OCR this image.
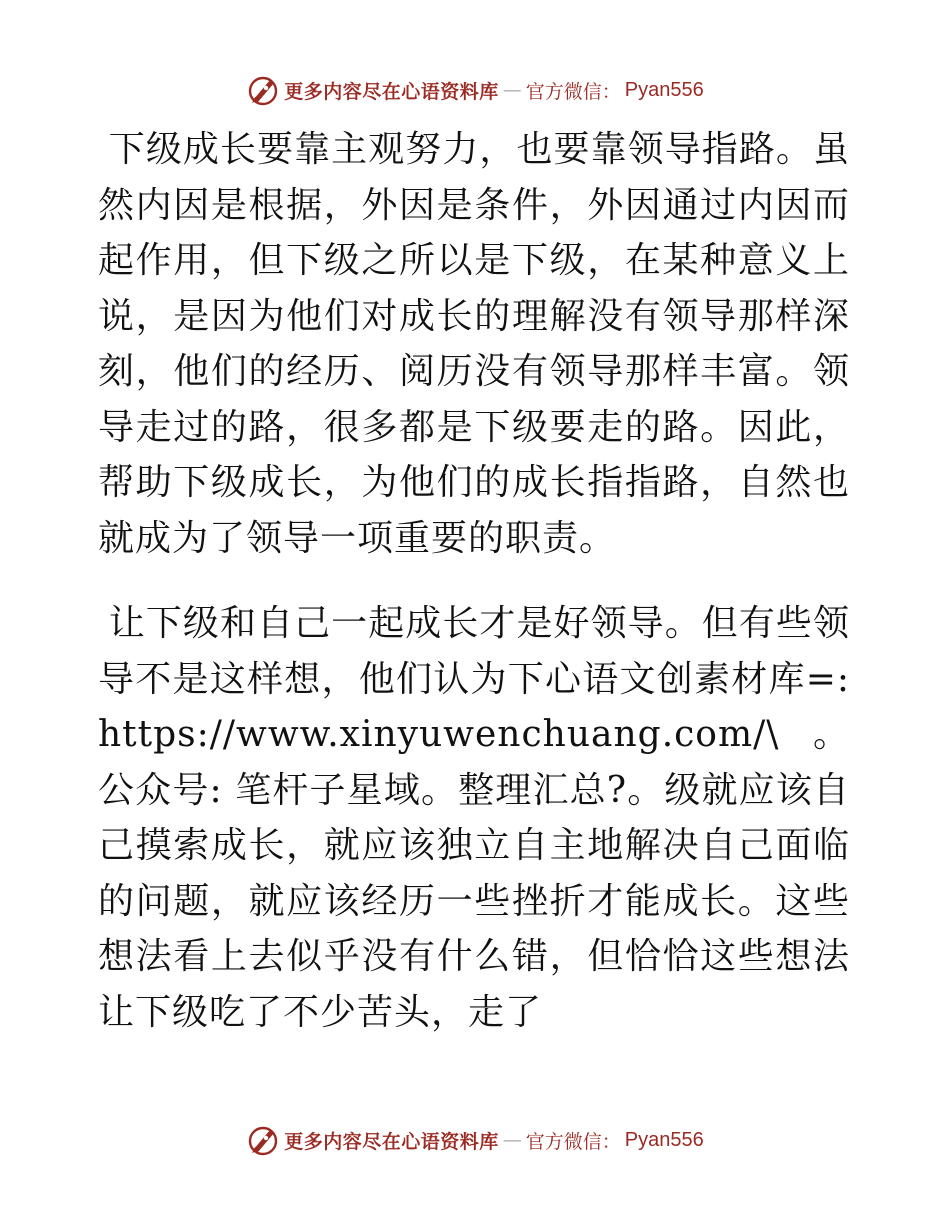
更多内容尽在心语资料库 — 官方微信： Pyan556

下级成长要靠主观努力，也要靠领导指路。虽然内因是根据，外因是条件，外因通过内因而起作用，但下级之所以是下级，在某种意义上说，是因为他们对成长的理解没有领导那样深刻，他们的经历、阅历没有领导那样丰富。领导走过的路，很多都是下级要走的路。因此，帮助下级成长，为他们的成长指指路，自然也就成为了领导一项重要的职责。

让下级和自己一起成长才是好领导。但有些领导不是这样想，他们认为下心语文创素材库=: https://www.xinyuwenchuang.com/\。公众号: 笔杆子星域。整理汇总?。级就应该自己摸索成长，就应该独立自主地解决自己面临的问题，就应该经历一些挫折才能成长。这些想法看上去似乎没有什么错，但恰恰这些想法让下级吃了不少苦头，走了

更多内容尽在心语资料库 — 官方微信： Pyan556
